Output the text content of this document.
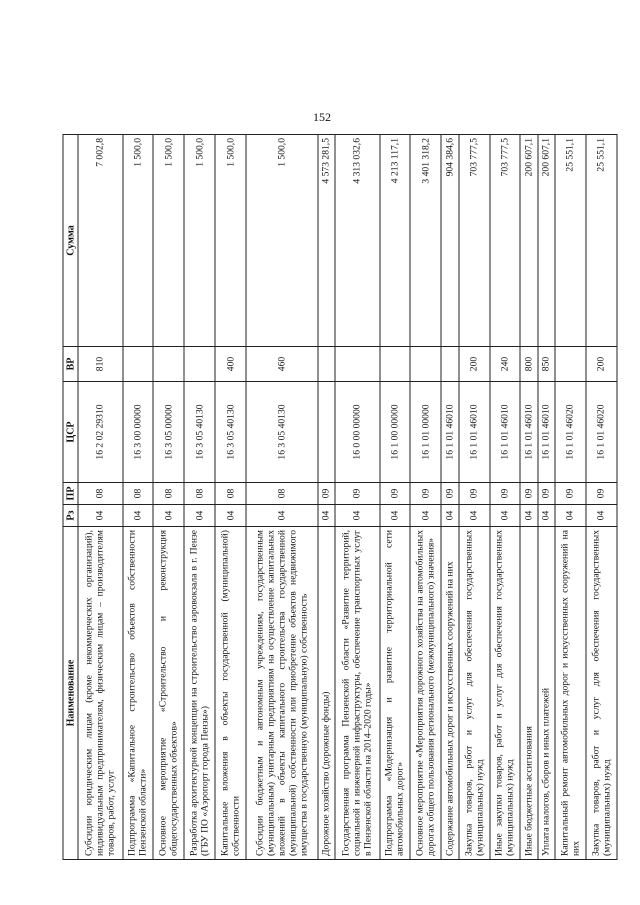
152
Наименование	Рз	ПР	ЦСР	ВР	Сумма
Субсидии юридическим лицам (кроме некоммерческих организаций), индивидуальным предпринимателям, физическим лицам – производителям товаров, работ, услуг	04	08	16 2 02 29310	810	7 002,8
Подпрограмма «Капитальное строительство объектов собственности Пензенской области»	04	08	16 3 00 00000		1 500,0
Основное мероприятие «Строительство и реконструкция общегосударственных объектов»	04	08	16 3 05 00000		1 500,0
Разработка архитектурной концепции на строительство аэровокзала в г. Пензе (ГБУ ПО «Аэропорт города Пензы»)	04	08	16 3 05 40130		1 500,0
Капитальные вложения в объекты государственной (муниципальной) собственности	04	08	16 3 05 40130	400	1 500,0
Субсидии бюджетным и автономным учреждениям, государственным (муниципальным) унитарным предприятиям на осуществление капитальных вложений в объекты капитального строительства государственной (муниципальной) собственности или приобретение объектов недвижимого имущества в государственную (муниципальную) собственность	04	08	16 3 05 40130	460	1 500,0
Дорожное хозяйство (дорожные фонды)	04	09			4 573 281,5
Государственная программа Пензенской области «Развитие территорий, социальной и инженерной инфраструктуры, обеспечение транспортных услуг в Пензенской области на 2014–2020 годы»	04	09	16 0 00 00000		4 313 032,6
Подпрограмма «Модернизация и развитие территориальной сети автомобильных дорог»	04	09	16 1 00 00000		4 213 117,1
Основное мероприятие «Мероприятия дорожного хозяйства на автомобильных дорогах общего пользования регионального (межмуниципального) значения»	04	09	16 1 01 00000		3 401 318,2
Содержание автомобильных дорог и искусственных сооружений на них	04	09	16 1 01 46010		904 384,6
Закупка товаров, работ и услуг для обеспечения государственных (муниципальных) нужд	04	09	16 1 01 46010	200	703 777,5
Иные закупки товаров, работ и услуг для обеспечения государственных (муниципальных) нужд	04	09	16 1 01 46010	240	703 777,5
Иные бюджетные ассигнования	04	09	16 1 01 46010	800	200 607,1
Уплата налогов, сборов и иных платежей	04	09	16 1 01 46010	850	200 607,1
Капитальный ремонт автомобильных дорог и искусственных сооружений на них	04	09	16 1 01 46020		25 551,1
Закупка товаров, работ и услуг для обеспечения государственных (муниципальных) нужд	04	09	16 1 01 46020	200	25 551,1
